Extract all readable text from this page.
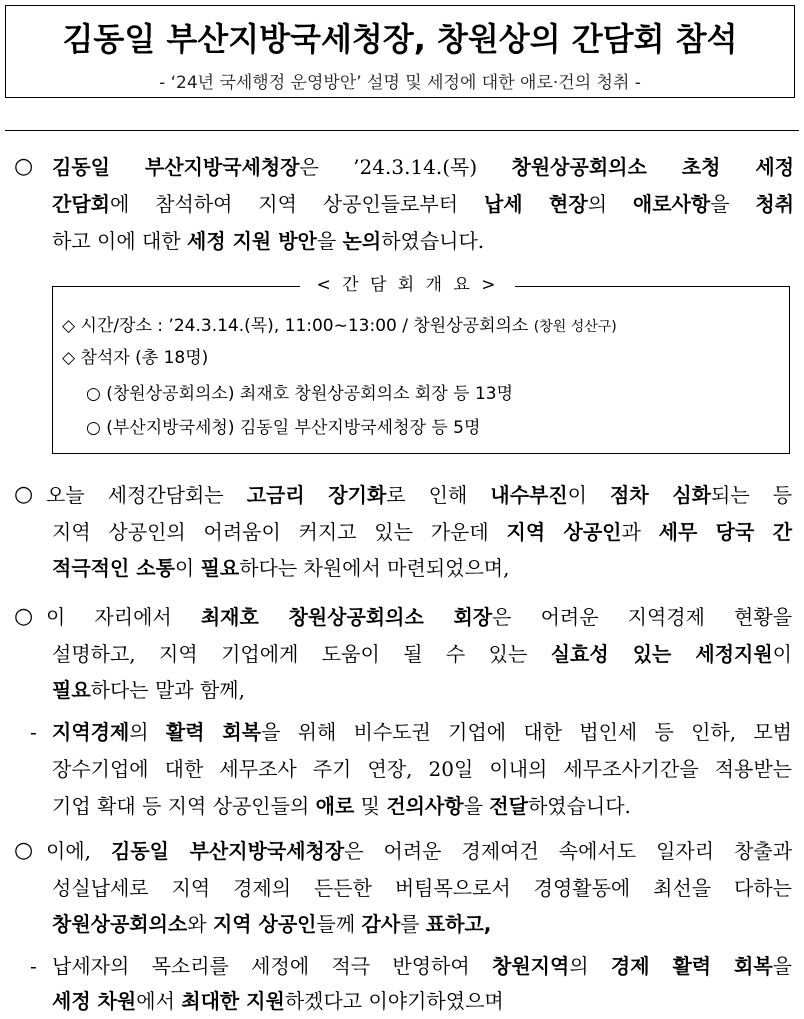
김동일 부산지방국세청장, 창원상의 간담회 참석
- ‘24년 국세행정 운영방안’ 설명 및 세정에 대한 애로·건의 청취 -
○ 김동일 부산지방국세청장은 ’24.3.14.(목) 창원상공회의소 초청 세정
간담회에 참석하여 지역 상공인들로부터 납세 현장의 애로사항을 청취
하고 이에 대한 세정 지원 방안을 논의하였습니다.
< 간 담 회 개 요 >
◇ 시간/장소 : ’24.3.14.(목), 11:00∼13:00 / 창원상공회의소 (창원 성산구)
◇ 참석자 (총 18명)
○ (창원상공회의소) 최재호 창원상공회의소 회장 등 13명
○ (부산지방국세청) 김동일 부산지방국세청장 등 5명
○ 오늘 세정간담회는 고금리 장기화로 인해 내수부진이 점차 심화되는 등
지역 상공인의 어려움이 커지고 있는 가운데 지역 상공인과 세무 당국 간
적극적인 소통이 필요하다는 차원에서 마련되었으며,
○ 이 자리에서 최재호 창원상공회의소 회장은 어려운 지역경제 현황을
설명하고, 지역 기업에게 도움이 될 수 있는 실효성 있는 세정지원이
필요하다는 말과 함께,
- 지역경제의 활력 회복을 위해 비수도권 기업에 대한 법인세 등 인하, 모범
장수기업에 대한 세무조사 주기 연장, 20일 이내의 세무조사기간을 적용받는
기업 확대 등 지역 상공인들의 애로 및 건의사항을 전달하였습니다.
○ 이에, 김동일 부산지방국세청장은 어려운 경제여건 속에서도 일자리 창출과
성실납세로 지역 경제의 든든한 버팀목으로서 경영활동에 최선을 다하는
창원상공회의소와 지역 상공인들께 감사를 표하고,
- 납세자의 목소리를 세정에 적극 반영하여 창원지역의 경제 활력 회복을
세정 차원에서 최대한 지원하겠다고 이야기하였으며
